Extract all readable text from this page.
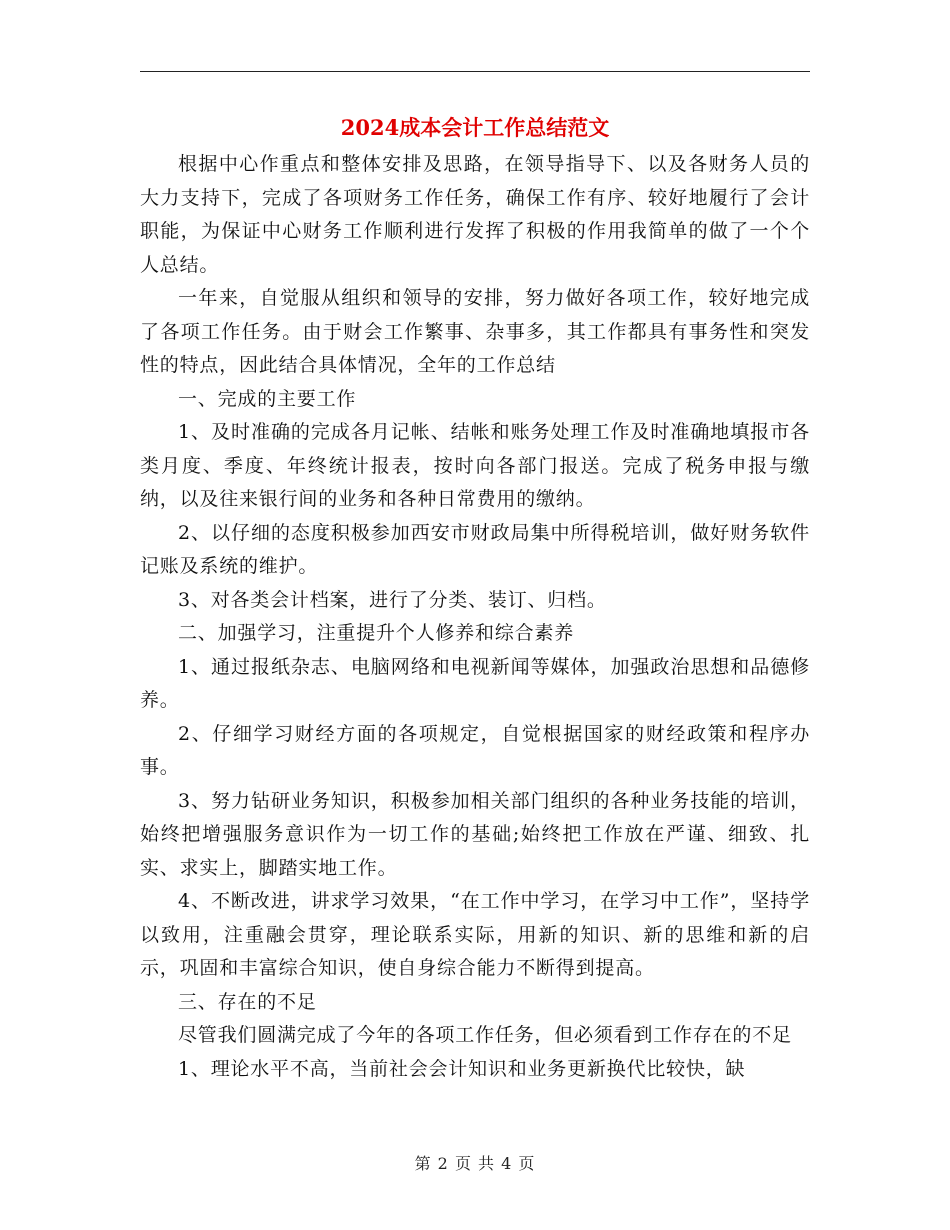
2024成本会计工作总结范文

根据中心作重点和整体安排及思路，在领导指导下、以及各财务人员的大力支持下，完成了各项财务工作任务，确保工作有序、较好地履行了会计职能，为保证中心财务工作顺利进行发挥了积极的作用我简单的做了一个个人总结。

一年来，自觉服从组织和领导的安排，努力做好各项工作，较好地完成了各项工作任务。由于财会工作繁事、杂事多，其工作都具有事务性和突发性的特点，因此结合具体情况，全年的工作总结

一、完成的主要工作

1、及时准确的完成各月记帐、结帐和账务处理工作及时准确地填报市各类月度、季度、年终统计报表，按时向各部门报送。完成了税务申报与缴纳，以及往来银行间的业务和各种日常费用的缴纳。

2、以仔细的态度积极参加西安市财政局集中所得税培训，做好财务软件记账及系统的维护。

3、对各类会计档案，进行了分类、装订、归档。

二、加强学习，注重提升个人修养和综合素养

1、通过报纸杂志、电脑网络和电视新闻等媒体，加强政治思想和品德修养。

2、仔细学习财经方面的各项规定，自觉根据国家的财经政策和程序办事。

3、努力钻研业务知识，积极参加相关部门组织的各种业务技能的培训，始终把增强服务意识作为一切工作的基础;始终把工作放在严谨、细致、扎实、求实上，脚踏实地工作。

4、不断改进，讲求学习效果，“在工作中学习，在学习中工作”，坚持学以致用，注重融会贯穿，理论联系实际，用新的知识、新的思维和新的启示，巩固和丰富综合知识，使自身综合能力不断得到提高。

三、存在的不足

尽管我们圆满完成了今年的各项工作任务，但必须看到工作存在的不足

1、理论水平不高，当前社会会计知识和业务更新换代比较快，缺

第 2 页 共 4 页
